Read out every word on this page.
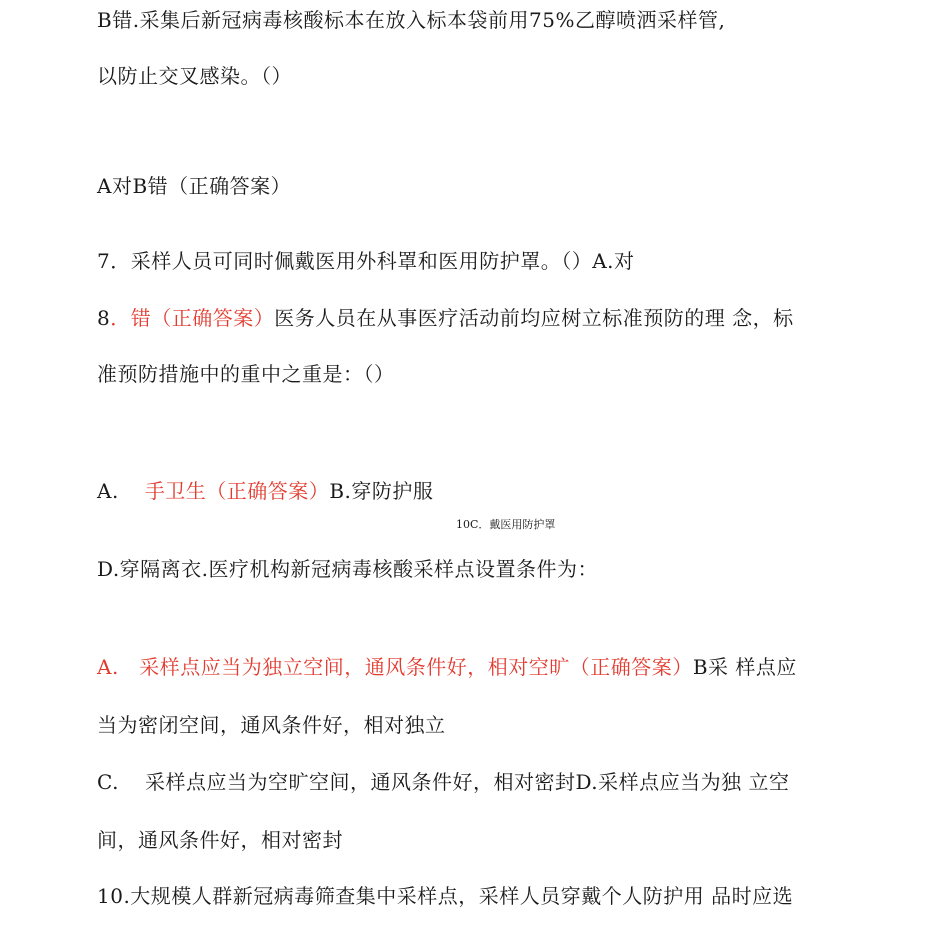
B错.采集后新冠病毒核酸标本在放入标本袋前用75%乙醇喷洒采样管,
以防止交叉感染。（）
A对B错（正确答案）
7．采样人员可同时佩戴医用外科罩和医用防护罩。（）A.对
8．错（正确答案）医务人员在从事医疗活动前均应树立标准预防的理 念，标
准预防措施中的重中之重是：（）
A. 手卫生（正确答案）B.穿防护服
10C．戴医用防护罩
D.穿隔离衣.医疗机构新冠病毒核酸采样点设置条件为：
A.　采样点应当为独立空间，通风条件好，相对空旷（正确答案）B采 样点应
当为密闭空间，通风条件好，相对独立
C. 采样点应当为空旷空间，通风条件好，相对密封D.采样点应当为独 立空
间，通风条件好，相对密封
10.大规模人群新冠病毒筛查集中采样点，采样人员穿戴个人防护用 品时应选
